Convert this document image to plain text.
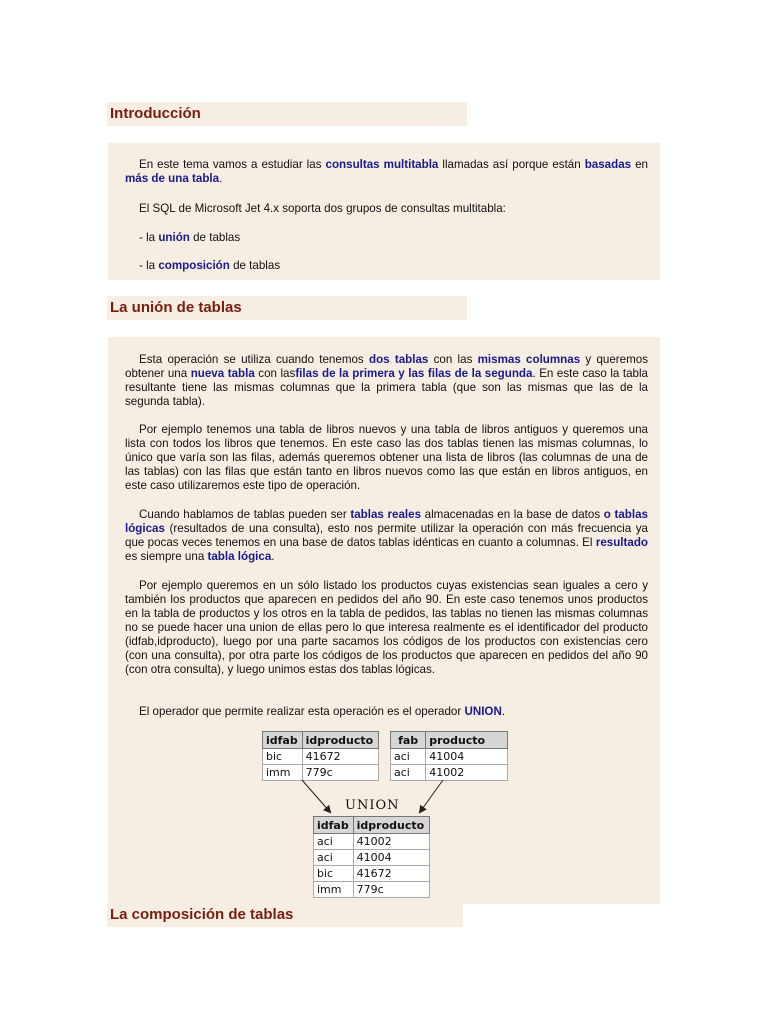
Introducción

En este tema vamos a estudiar las consultas multitabla llamadas así porque están basadas en más de una tabla.

El SQL de Microsoft Jet 4.x soporta dos grupos de consultas multitabla:

- la unión de tablas

- la composición de tablas

La unión de tablas

Esta operación se utiliza cuando tenemos dos tablas con las mismas columnas y queremos obtener una nueva tabla con lasfilas de la primera y las filas de la segunda. En este caso la tabla resultante tiene las mismas columnas que la primera tabla (que son las mismas que las de la segunda tabla).

Por ejemplo tenemos una tabla de libros nuevos y una tabla de libros antiguos y queremos una lista con todos los libros que tenemos. En este caso las dos tablas tienen las mismas columnas, lo único que varía son las filas, además queremos obtener una lista de libros (las columnas de una de las tablas) con las filas que están tanto en libros nuevos como las que están en libros antiguos, en este caso utilizaremos este tipo de operación.

Cuando hablamos de tablas pueden ser tablas reales almacenadas en la base de datos o tablas lógicas (resultados de una consulta), esto nos permite utilizar la operación con más frecuencia ya que pocas veces tenemos en una base de datos tablas idénticas en cuanto a columnas. El resultado es siempre una tabla lógica.

Por ejemplo queremos en un sólo listado los productos cuyas existencias sean iguales a cero y también los productos que aparecen en pedidos del año 90. En este caso tenemos unos productos en la tabla de productos y los otros en la tabla de pedidos, las tablas no tienen las mismas columnas no se puede hacer una union de ellas pero lo que interesa realmente es el identificador del producto (idfab,idproducto), luego por una parte sacamos los códigos de los productos con existencias cero (con una consulta), por otra parte los códigos de los productos que aparecen en pedidos del año 90 (con otra consulta), y luego unimos estas dos tablas lógicas.

El operador que permite realizar esta operación es el operador UNION.

idfab	idproducto
bic	41672
imm	779c
fab	producto
aci	41004
aci	41002
UNION
idfab	idproducto
aci	41002
aci	41004
bic	41672
imm	779c
La composición de tablas
